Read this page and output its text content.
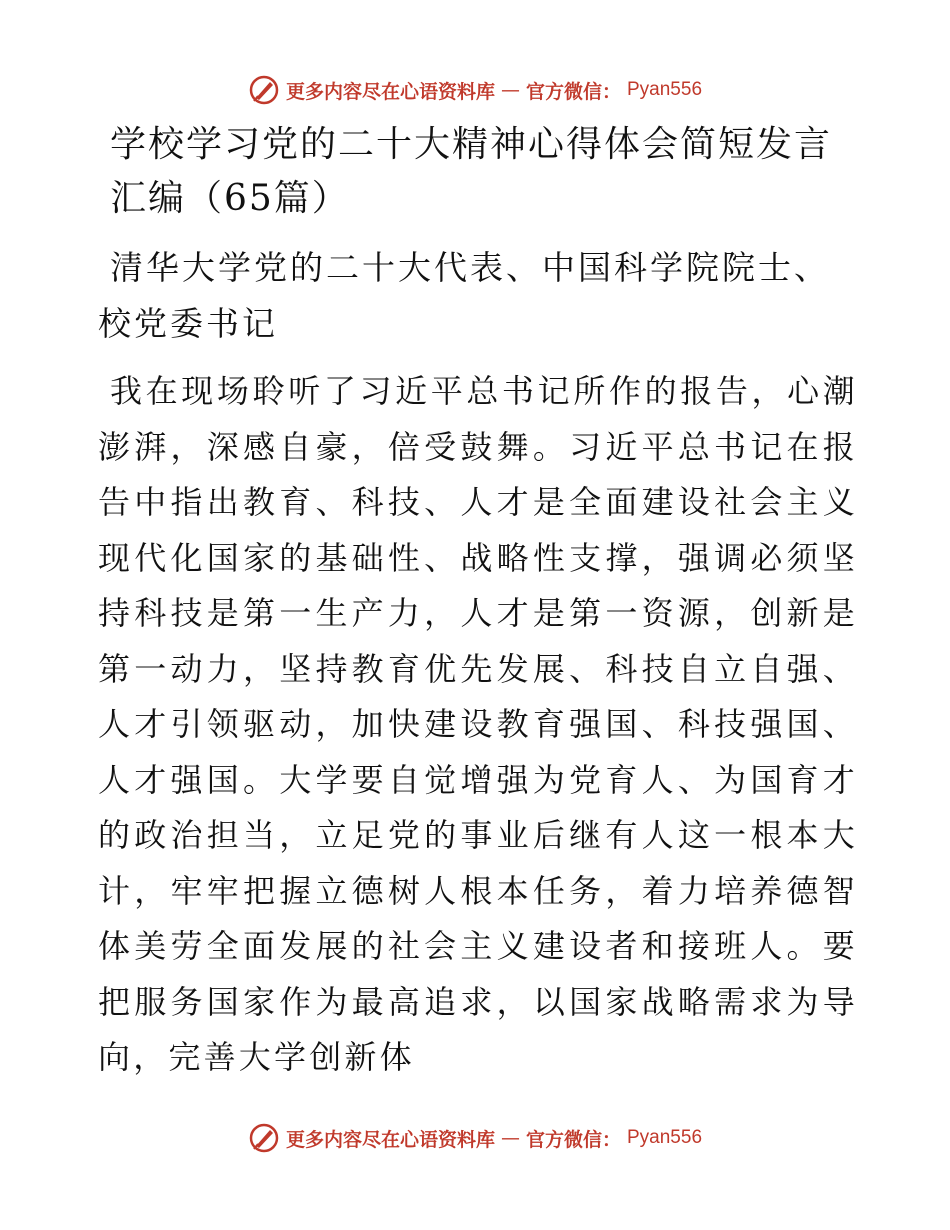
更多内容尽在心语资料库 — 官方微信： Pyan556
学校学习党的二十大精神心得体会简短发言汇编（65篇）

清华大学党的二十大代表、中国科学院院士、校党委书记

我在现场聆听了习近平总书记所作的报告，心潮澎湃，深感自豪，倍受鼓舞。习近平总书记在报告中指出教育、科技、人才是全面建设社会主义现代化国家的基础性、战略性支撑，强调必须坚持科技是第一生产力，人才是第一资源，创新是第一动力，坚持教育优先发展、科技自立自强、人才引领驱动，加快建设教育强国、科技强国、人才强国。大学要自觉增强为党育人、为国育才的政治担当，立足党的事业后继有人这一根本大计，牢牢把握立德树人根本任务，着力培养德智体美劳全面发展的社会主义建设者和接班人。要把服务国家作为最高追求，以国家战略需求为导向，完善大学创新体

更多内容尽在心语资料库 — 官方微信： Pyan556
